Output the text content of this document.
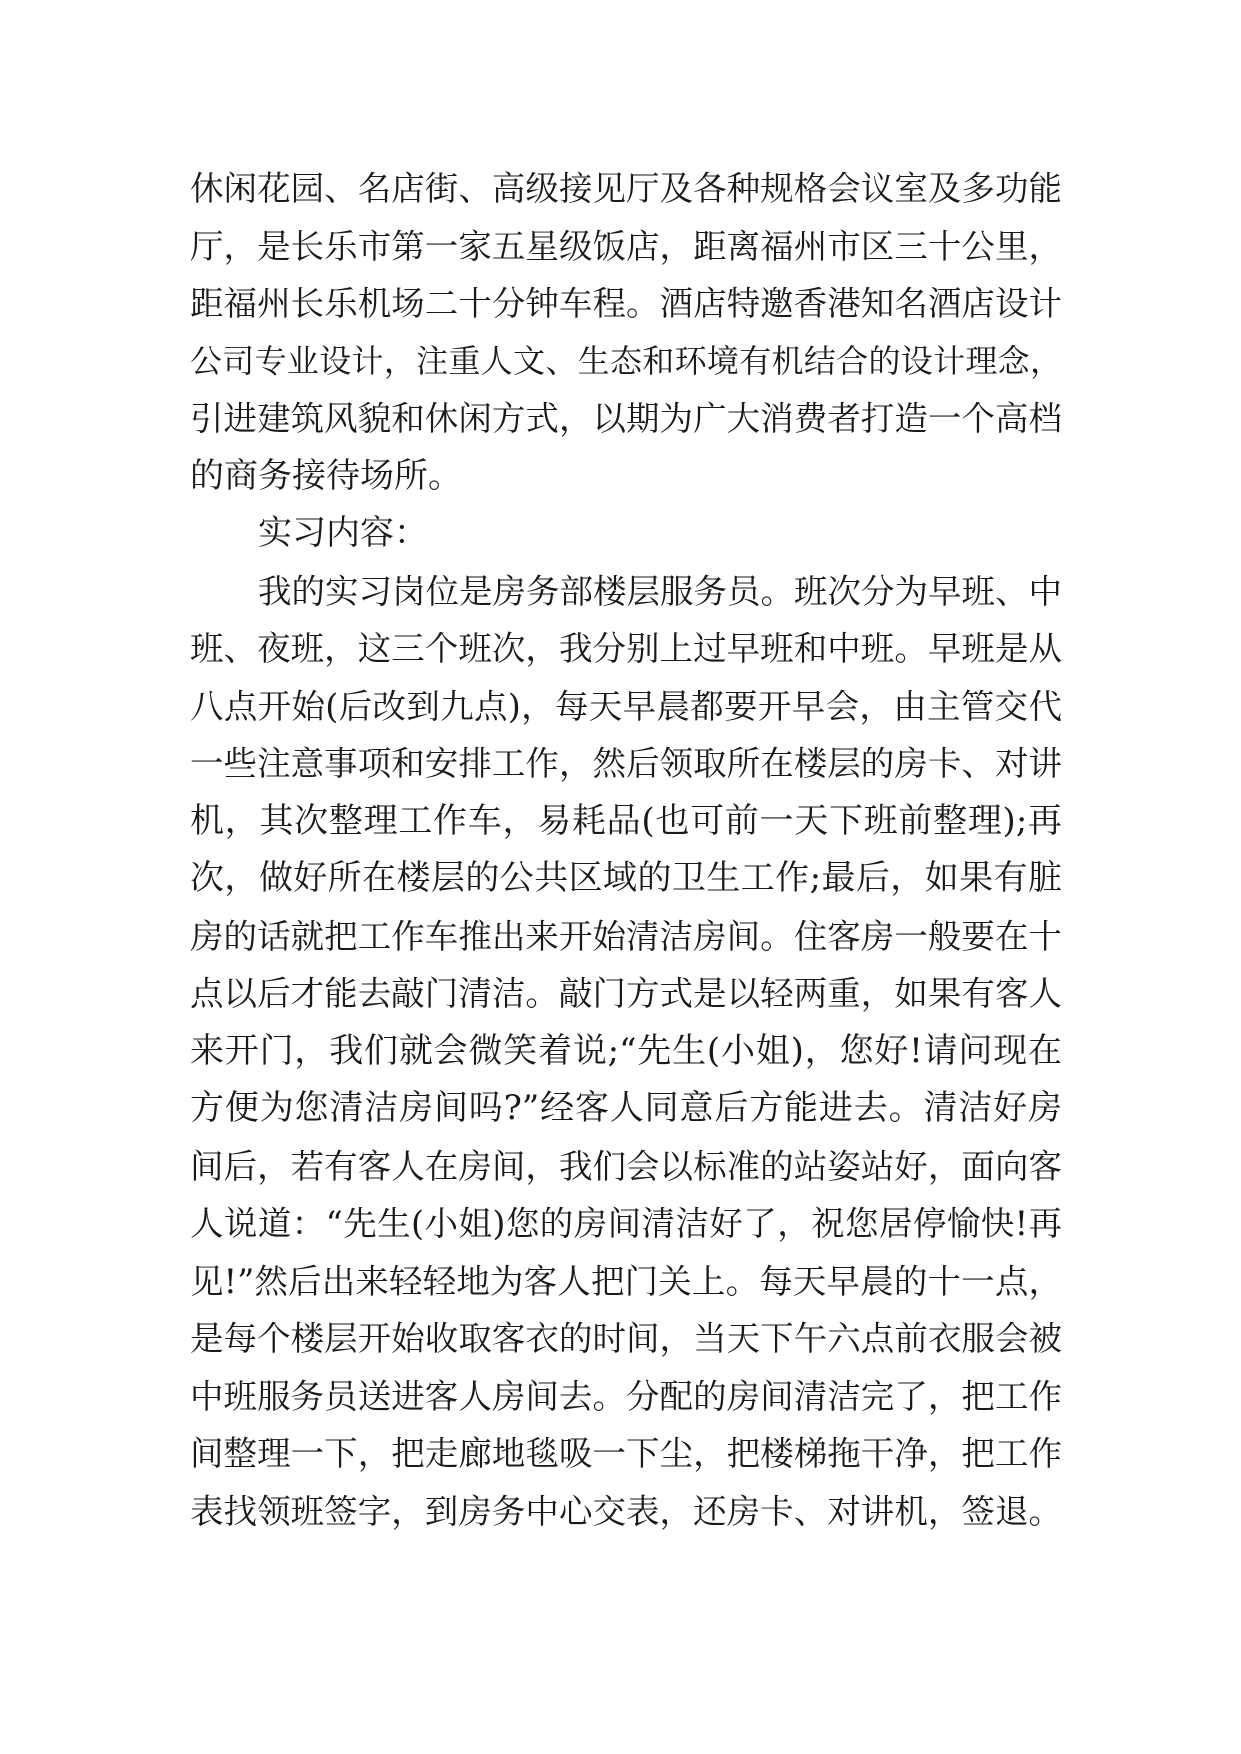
休闲花园、名店街、高级接见厅及各种规格会议室及多功能
厅，是长乐市第一家五星级饭店，距离福州市区三十公里，
距福州长乐机场二十分钟车程。酒店特邀香港知名酒店设计
公司专业设计，注重人文、生态和环境有机结合的设计理念，
引进建筑风貌和休闲方式，以期为广大消费者打造一个高档
的商务接待场所。
实习内容：
我的实习岗位是房务部楼层服务员。班次分为早班、中
班、夜班，这三个班次，我分别上过早班和中班。早班是从
八点开始(后改到九点)，每天早晨都要开早会，由主管交代
一些注意事项和安排工作，然后领取所在楼层的房卡、对讲
机，其次整理工作车，易耗品(也可前一天下班前整理);再
次，做好所在楼层的公共区域的卫生工作;最后，如果有脏
房的话就把工作车推出来开始清洁房间。住客房一般要在十
点以后才能去敲门清洁。敲门方式是以轻两重，如果有客人
来开门，我们就会微笑着说;“先生(小姐)，您好!请问现在
方便为您清洁房间吗?”经客人同意后方能进去。清洁好房
间后，若有客人在房间，我们会以标准的站姿站好，面向客
人说道：“先生(小姐)您的房间清洁好了，祝您居停愉快!再
见!”然后出来轻轻地为客人把门关上。每天早晨的十一点，
是每个楼层开始收取客衣的时间，当天下午六点前衣服会被
中班服务员送进客人房间去。分配的房间清洁完了，把工作
间整理一下，把走廊地毯吸一下尘，把楼梯拖干净，把工作
表找领班签字，到房务中心交表，还房卡、对讲机，签退。
